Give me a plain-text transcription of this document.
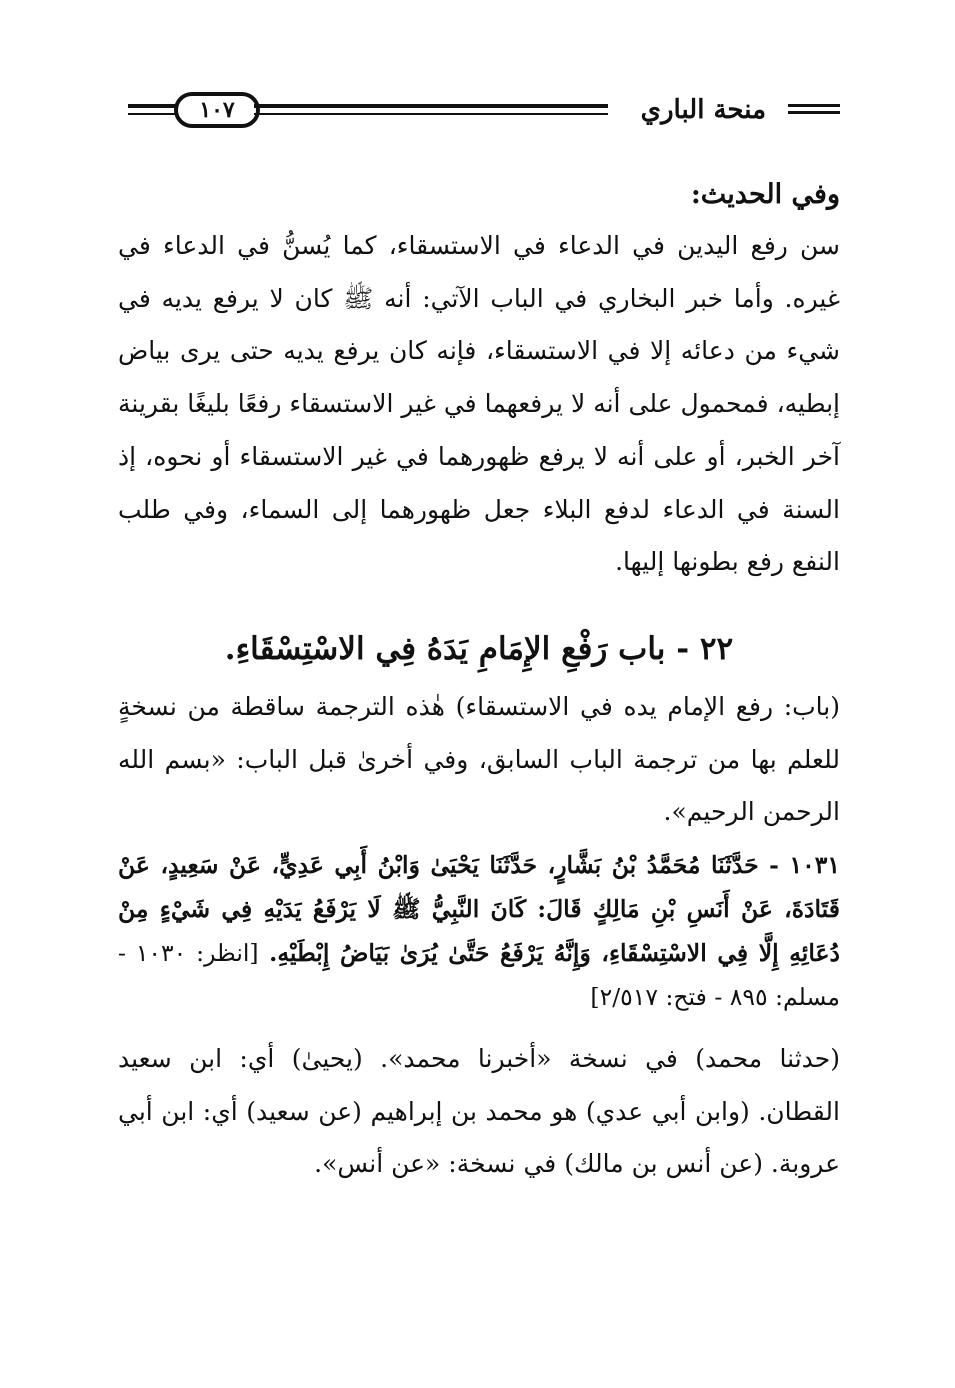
منحة الباري
١٠٧

وفي الحديث:

سن رفع اليدين في الدعاء في الاستسقاء، كما يُسنُّ في الدعاء في غيره. وأما خبر البخاري في الباب الآتي: أنه ﷺ كان لا يرفع يديه في شيء من دعائه إلا في الاستسقاء، فإنه كان يرفع يديه حتى يرى بياض إبطيه، فمحمول على أنه لا يرفعهما في غير الاستسقاء رفعًا بليغًا بقرينة آخر الخبر، أو على أنه لا يرفع ظهورهما في غير الاستسقاء أو نحوه، إذ السنة في الدعاء لدفع البلاء جعل ظهورهما إلى السماء، وفي طلب النفع رفع بطونها إليها.

٢٢ - باب رَفْعِ الإِمَامِ يَدَهُ فِي الاسْتِسْقَاءِ.

(باب: رفع الإمام يده في الاستسقاء) هٰذه الترجمة ساقطة من نسخةٍ للعلم بها من ترجمة الباب السابق، وفي أخرىٰ قبل الباب: «بسم الله الرحمن الرحيم».

١٠٣١ - حَدَّثَنَا مُحَمَّدُ بْنُ بَشَّارٍ، حَدَّثَنَا يَحْيَىٰ وَابْنُ أَبِي عَدِيٍّ، عَنْ سَعِيدٍ، عَنْ قَتَادَةَ، عَنْ أَنَسِ بْنِ مَالِكٍ قَالَ: كَانَ النَّبِيُّ ﷺ لَا يَرْفَعُ يَدَيْهِ فِي شَيْءٍ مِنْ دُعَائِهِ إِلَّا فِي الاسْتِسْقَاءِ، وَإِنَّهُ يَرْفَعُ حَتَّىٰ يُرَىٰ بَيَاضُ إِبْطَيْهِ. [انظر: ١٠٣٠ - مسلم: ٨٩٥ - فتح: ٢/٥١٧]

(حدثنا محمد) في نسخة «أخبرنا محمد». (يحيىٰ) أي: ابن سعيد القطان. (وابن أبي عدي) هو محمد بن إبراهيم (عن سعيد) أي: ابن أبي عروبة. (عن أنس بن مالك) في نسخة: «عن أنس».
